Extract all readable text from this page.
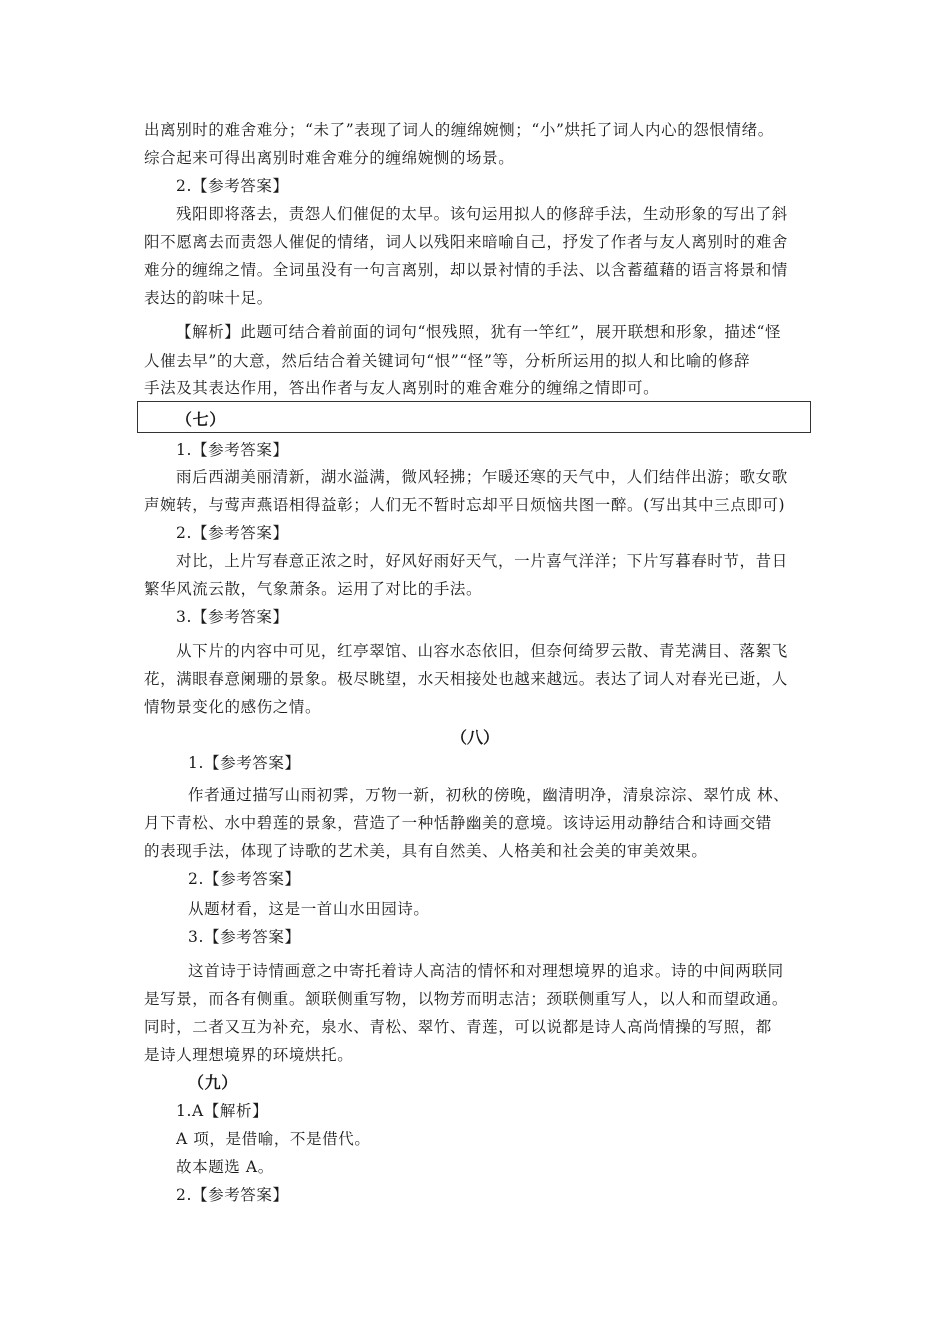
出离别时的难舍难分；“未了”表现了词人的缠绵婉恻；“小”烘托了词人内心的怨恨情绪。
综合起来可得出离别时难舍难分的缠绵婉恻的场景。
2.【参考答案】
残阳即将落去，责怨人们催促的太早。该句运用拟人的修辞手法，生动形象的写出了斜
阳不愿离去而责怨人催促的情绪，词人以残阳来暗喻自己，抒发了作者与友人离别时的难舍
难分的缠绵之情。全词虽没有一句言离别，却以景衬情的手法、以含蓄蕴藉的语言将景和情
表达的韵味十足。
【解析】此题可结合着前面的词句“恨残照，犹有一竿红”，展开联想和形象，描述“怪
人催去早”的大意，然后结合着关键词句“恨”“怪”等，分析所运用的拟人和比喻的修辞
手法及其表达作用，答出作者与友人离别时的难舍难分的缠绵之情即可。
（七）
1.【参考答案】
雨后西湖美丽清新，湖水溢满，微风轻拂；乍暖还寒的天气中，人们结伴出游；歌女歌
声婉转，与莺声燕语相得益彰；人们无不暂时忘却平日烦恼共图一醉。(写出其中三点即可)
2.【参考答案】
对比，上片写春意正浓之时，好风好雨好天气，一片喜气洋洋；下片写暮春时节，昔日
繁华风流云散，气象萧条。运用了对比的手法。
3.【参考答案】
从下片的内容中可见，红亭翠馆、山容水态依旧，但奈何绮罗云散、青芜满目、落絮飞
花，满眼春意阑珊的景象。极尽眺望，水天相接处也越来越远。表达了词人对春光已逝，人
情物景变化的感伤之情。
（八）
1.【参考答案】
作者通过描写山雨初霁，万物一新，初秋的傍晚，幽清明净，清泉淙淙、翠竹成 林、
月下青松、水中碧莲的景象，营造了一种恬静幽美的意境。该诗运用动静结合和诗画交错
的表现手法，体现了诗歌的艺术美，具有自然美、人格美和社会美的审美效果。
2.【参考答案】
从题材看，这是一首山水田园诗。
3.【参考答案】
这首诗于诗情画意之中寄托着诗人高洁的情怀和对理想境界的追求。诗的中间两联同
是写景，而各有侧重。颔联侧重写物，以物芳而明志洁；颈联侧重写人，以人和而望政通。
同时，二者又互为补充，泉水、青松、翠竹、青莲，可以说都是诗人高尚情操的写照，都
是诗人理想境界的环境烘托。
（九）
1.A【解析】
A 项，是借喻，不是借代。
故本题选 A。
2.【参考答案】
